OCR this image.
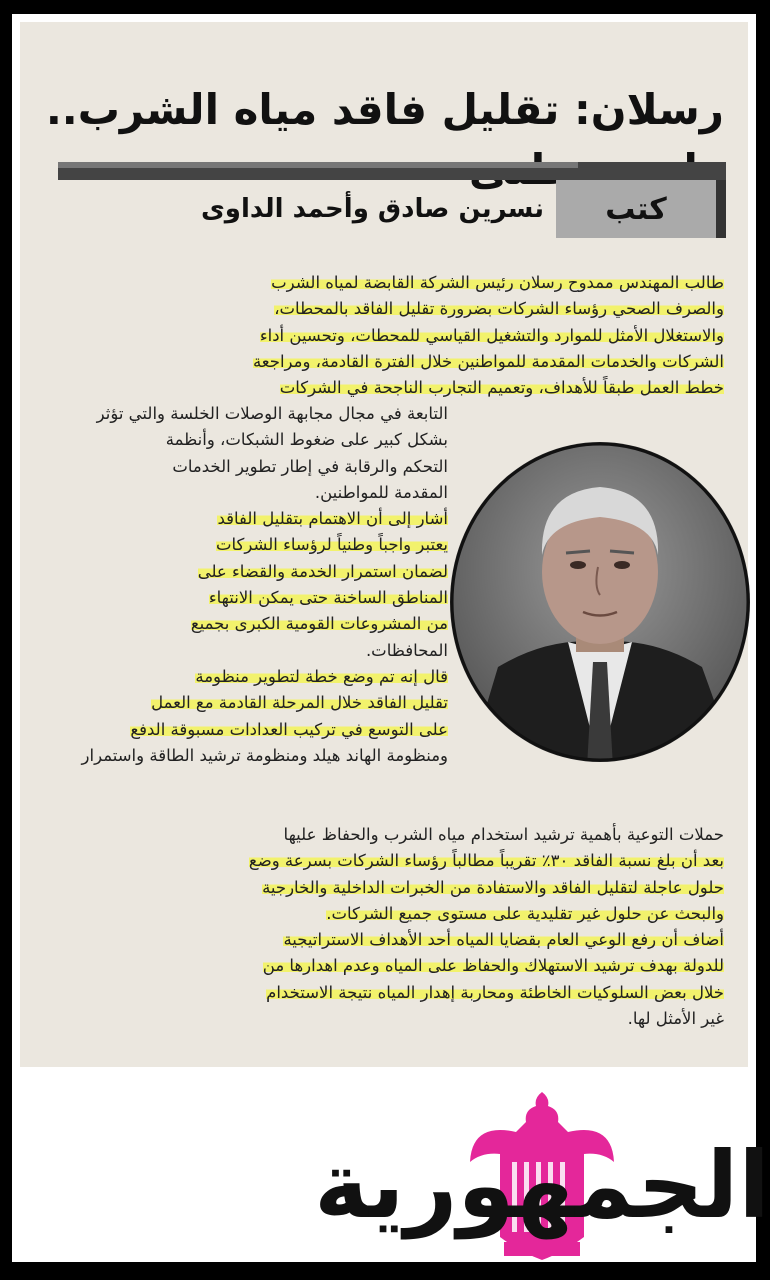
رسلان: تقليل فاقد مياه الشرب..
كتب
نسرين صادق وأحمد الداوى
طالب المهندس ممدوح رسلان رئيس الشركة القابضة لمياه الشرب
والصرف الصحي رؤساء الشركات بضرورة تقليل الفاقد بالمحطات،
والاستغلال الأمثل للموارد والتشغيل القياسي للمحطات، وتحسين أداء
الشركات والخدمات المقدمة للمواطنين خلال الفترة القادمة، ومراجعة
خطط العمل طبقاً للأهداف، وتعميم التجارب الناجحة في الشركات
التابعة في مجال مجابهة الوصلات الخلسة والتي تؤثر
بشكل كبير على ضغوط الشبكات، وأنظمة
التحكم والرقابة في إطار تطوير الخدمات
المقدمة للمواطنين.
أشار إلى أن الاهتمام بتقليل الفاقد
يعتبر واجباً وطنياً لرؤساء الشركات
لضمان استمرار الخدمة والقضاء على
المناطق الساخنة حتى يمكن الانتهاء
من المشروعات القومية الكبرى بجميع
المحافظات.
قال إنه تم وضع خطة لتطوير منظومة
تقليل الفاقد خلال المرحلة القادمة مع العمل
على التوسع في تركيب العدادات مسبوقة الدفع
ومنظومة الهاند هيلد ومنظومة ترشيد الطاقة واستمرار
حملات التوعية بأهمية ترشيد استخدام مياه الشرب والحفاظ عليها
بعد أن بلغ نسبة الفاقد ٣٠٪ تقريباً مطالباً رؤساء الشركات بسرعة وضع
حلول عاجلة لتقليل الفاقد والاستفادة من الخبرات الداخلية والخارجية
والبحث عن حلول غير تقليدية على مستوى جميع الشركات.
أضاف أن رفع الوعي العام بقضايا المياه أحد الأهداف الاستراتيجية
للدولة بهدف ترشيد الاستهلاك والحفاظ على المياه وعدم اهدارها من
خلال بعض السلوكيات الخاطئة ومحاربة إهدار المياه نتيجة الاستخدام
غير الأمثل لها.
الجمهورية
